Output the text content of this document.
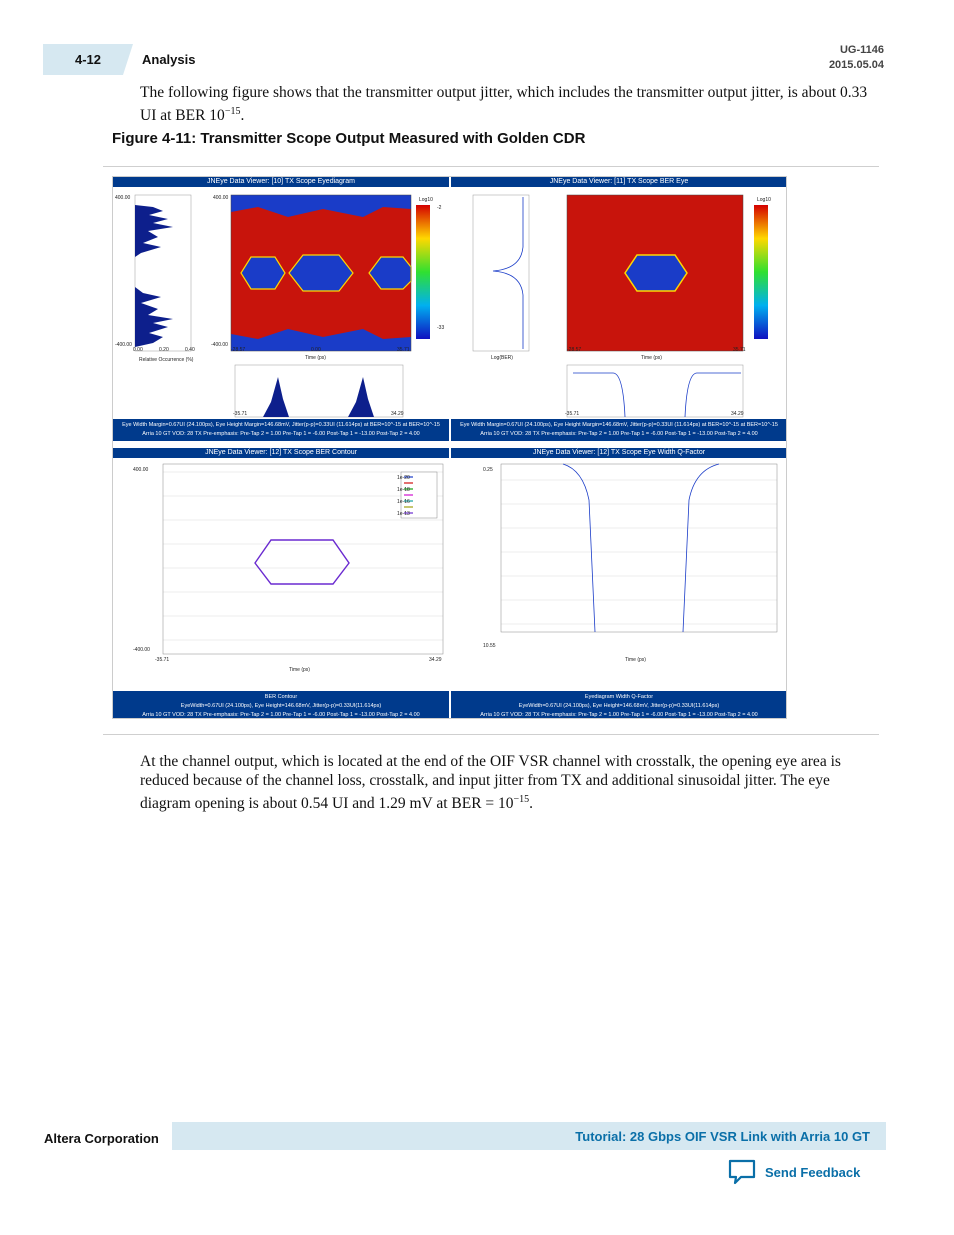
4-12	Analysis
UG-1146
2015.05.04
The following figure shows that the transmitter output jitter, which includes the transmitter output jitter, is about 0.33 UI at BER $10^{-15}$.
Figure 4-11: Transmitter Scope Output Measured with Golden CDR
JNEye Data Viewer: [10] TX Scope Eyediagram	JNEye Data Viewer: [11] TX Scope BER Eye
400.00
-400.00
400.00
-400.00
0.00	0.20	0.40
Relative Occurrence (%)
-28.57	0.00	35.71
Time (ps)
Log10
-2
-33
Log10
-28.57	35.71
Time (ps)
Log(BER)
-35.71	34.29	-35.71	34.29
Eye Width Margin=0.67UI (24.100ps), Eye Height Margin=146.68mV, Jitter(p-p)=0.33UI (11.614ps) at BER=10^-15 at BER=10^-15
Arria 10 GT VOD: 28 TX Pre-emphasis: Pre-Tap 2 = 1.00 Pre-Tap 1 = -6.00 Post-Tap 1 = -13.00 Post-Tap 2 = 4.00
Eye Width Margin=0.67UI (24.100ps), Eye Height Margin=146.68mV, Jitter(p-p)=0.33UI (11.614ps) at BER=10^-15 at BER=10^-15
Arria 10 GT VOD: 28 TX Pre-emphasis: Pre-Tap 2 = 1.00 Pre-Tap 1 = -6.00 Post-Tap 1 = -13.00 Post-Tap 2 = 4.00
JNEye Data Viewer: [12] TX Scope BER Contour	JNEye Data Viewer: [12] TX Scope Eye Width Q-Factor
1e-20
1e-18
1e-16
1e-13
400.00
-400.00
-35.71	34.29
Time (ps)
0.25
10.55
Time (ps)
BER Contour
EyeWidth=0.67UI (24.100ps), Eye Height=146.68mV, Jitter(p-p)=0.33UI(11.614ps)
Arria 10 GT VOD: 28 TX Pre-emphasis: Pre-Tap 2 = 1.00 Pre-Tap 1 = -6.00 Post-Tap 1 = -13.00 Post-Tap 2 = 4.00
Eyediagram Width Q-Factor
EyeWidth=0.67UI (24.100ps), Eye Height=146.68mV, Jitter(p-p)=0.33UI(11.614ps)
Arria 10 GT VOD: 28 TX Pre-emphasis: Pre-Tap 2 = 1.00 Pre-Tap 1 = -6.00 Post-Tap 1 = -13.00 Post-Tap 2 = 4.00
At the channel output, which is located at the end of the OIF VSR channel with crosstalk, the opening eye area is reduced because of the channel loss, crosstalk, and input jitter from TX and additional sinusoidal jitter. The eye diagram opening is about 0.54 UI and 1.29 mV at BER = $10^{-15}$.
Altera Corporation	Tutorial: 28 Gbps OIF VSR Link with Arria 10 GT
Send Feedback
